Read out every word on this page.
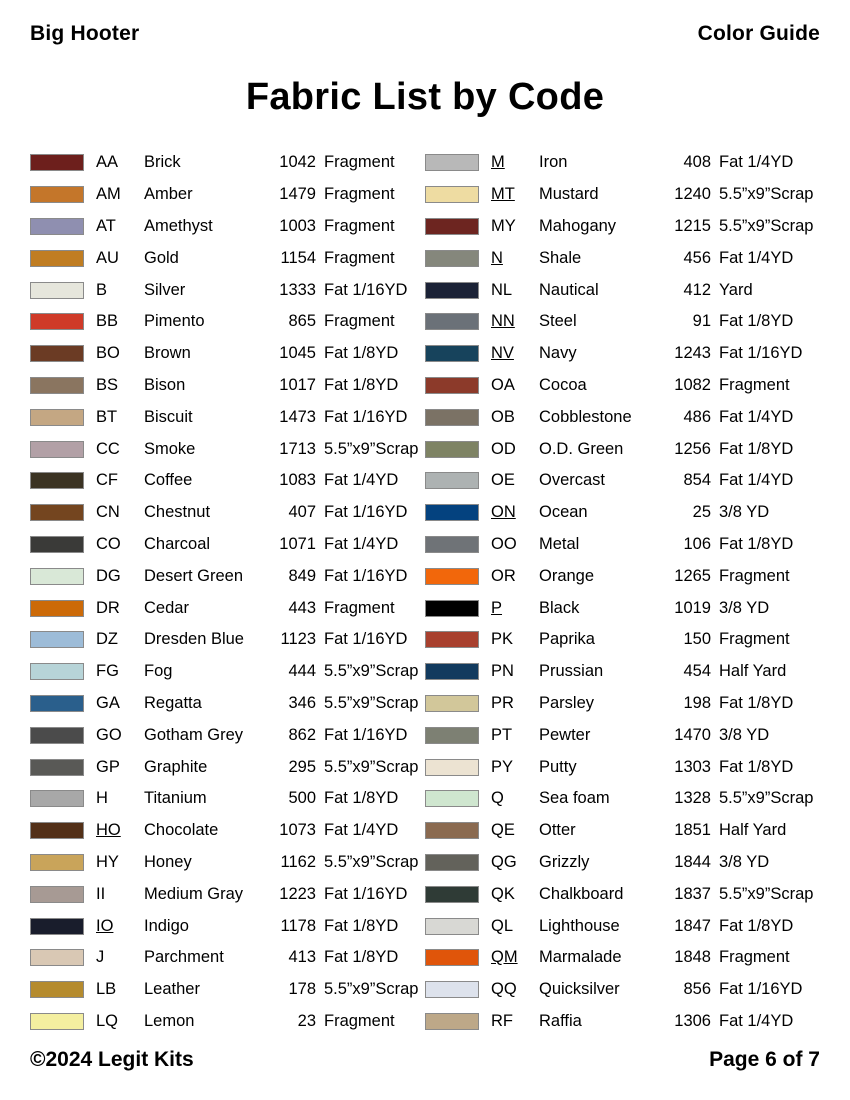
Big Hooter	Color Guide
Fabric List by Code
AA	Brick	1042 Fragment
AM	Amber	1479 Fragment
AT	Amethyst	1003 Fragment
AU	Gold	1154 Fragment
B	Silver	1333 Fat 1/16YD
BB	Pimento	865 Fragment
BO	Brown	1045 Fat 1/8YD
BS	Bison	1017 Fat 1/8YD
BT	Biscuit	1473 Fat 1/16YD
CC	Smoke	1713 5.5”x9”Scrap
CF	Coffee	1083 Fat 1/4YD
CN	Chestnut	407 Fat 1/16YD
CO	Charcoal	1071 Fat 1/4YD
DG	Desert Green	849 Fat 1/16YD
DR	Cedar	443 Fragment
DZ	Dresden Blue	1123 Fat 1/16YD
FG	Fog	444 5.5”x9”Scrap
GA	Regatta	346 5.5”x9”Scrap
GO	Gotham Grey	862 Fat 1/16YD
GP	Graphite	295 5.5”x9”Scrap
H	Titanium	500 Fat 1/8YD
HO	Chocolate	1073 Fat 1/4YD
HY	Honey	1162 5.5”x9”Scrap
II	Medium Gray	1223 Fat 1/16YD
IO	Indigo	1178 Fat 1/8YD
J	Parchment	413 Fat 1/8YD
LB	Leather	178 5.5”x9”Scrap
LQ	Lemon	23 Fragment
M	Iron	408 Fat 1/4YD
MT	Mustard	1240 5.5”x9”Scrap
MY	Mahogany	1215 5.5”x9”Scrap
N	Shale	456 Fat 1/4YD
NL	Nautical	412 Yard
NN	Steel	91 Fat 1/8YD
NV	Navy	1243 Fat 1/16YD
OA	Cocoa	1082 Fragment
OB	Cobblestone	486 Fat 1/4YD
OD	O.D. Green	1256 Fat 1/8YD
OE	Overcast	854 Fat 1/4YD
ON	Ocean	25 3/8 YD
OO	Metal	106 Fat 1/8YD
OR	Orange	1265 Fragment
P	Black	1019 3/8 YD
PK	Paprika	150 Fragment
PN	Prussian	454 Half Yard
PR	Parsley	198 Fat 1/8YD
PT	Pewter	1470 3/8 YD
PY	Putty	1303 Fat 1/8YD
Q	Sea foam	1328 5.5”x9”Scrap
QE	Otter	1851 Half Yard
QG	Grizzly	1844 3/8 YD
QK	Chalkboard	1837 5.5”x9”Scrap
QL	Lighthouse	1847 Fat 1/8YD
QM	Marmalade	1848 Fragment
QQ	Quicksilver	856 Fat 1/16YD
RF	Raffia	1306 Fat 1/4YD
©2024 Legit Kits	Page 6 of 7
